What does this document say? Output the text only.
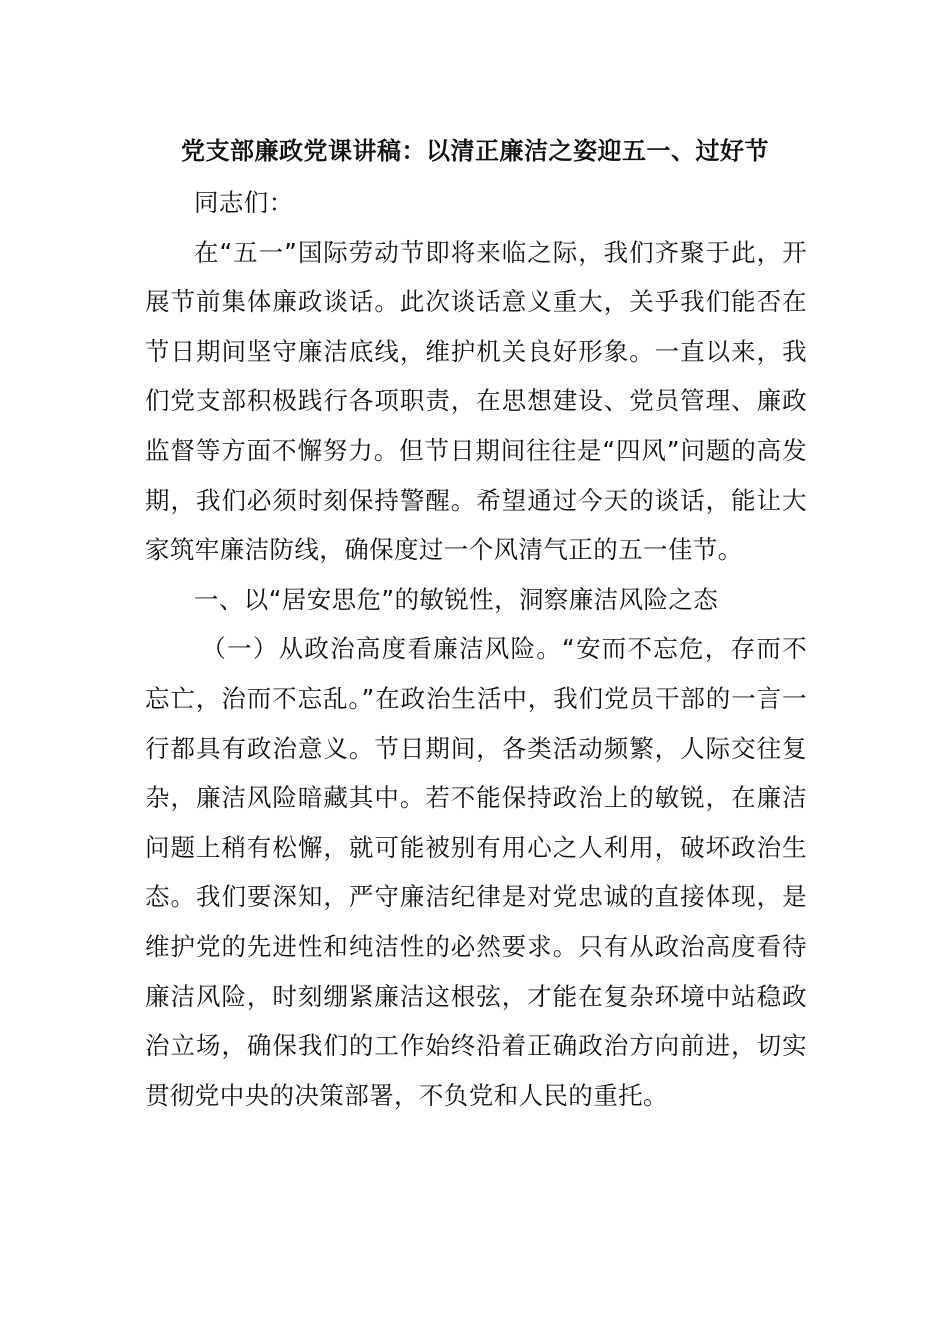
党支部廉政党课讲稿：以清正廉洁之姿迎五一、过好节

同志们：

在“五一”国际劳动节即将来临之际，我们齐聚于此，开展节前集体廉政谈话。此次谈话意义重大，关乎我们能否在节日期间坚守廉洁底线，维护机关良好形象。一直以来，我们党支部积极践行各项职责，在思想建设、党员管理、廉政监督等方面不懈努力。但节日期间往往是“四风”问题的高发期，我们必须时刻保持警醒。希望通过今天的谈话，能让大家筑牢廉洁防线，确保度过一个风清气正的五一佳节。

一、以“居安思危”的敏锐性，洞察廉洁风险之态

（一）从政治高度看廉洁风险。“安而不忘危，存而不忘亡，治而不忘乱。”在政治生活中，我们党员干部的一言一行都具有政治意义。节日期间，各类活动频繁，人际交往复杂，廉洁风险暗藏其中。若不能保持政治上的敏锐，在廉洁问题上稍有松懈，就可能被别有用心之人利用，破坏政治生态。我们要深知，严守廉洁纪律是对党忠诚的直接体现，是维护党的先进性和纯洁性的必然要求。只有从政治高度看待廉洁风险，时刻绷紧廉洁这根弦，才能在复杂环境中站稳政治立场，确保我们的工作始终沿着正确政治方向前进，切实贯彻党中央的决策部署，不负党和人民的重托。
